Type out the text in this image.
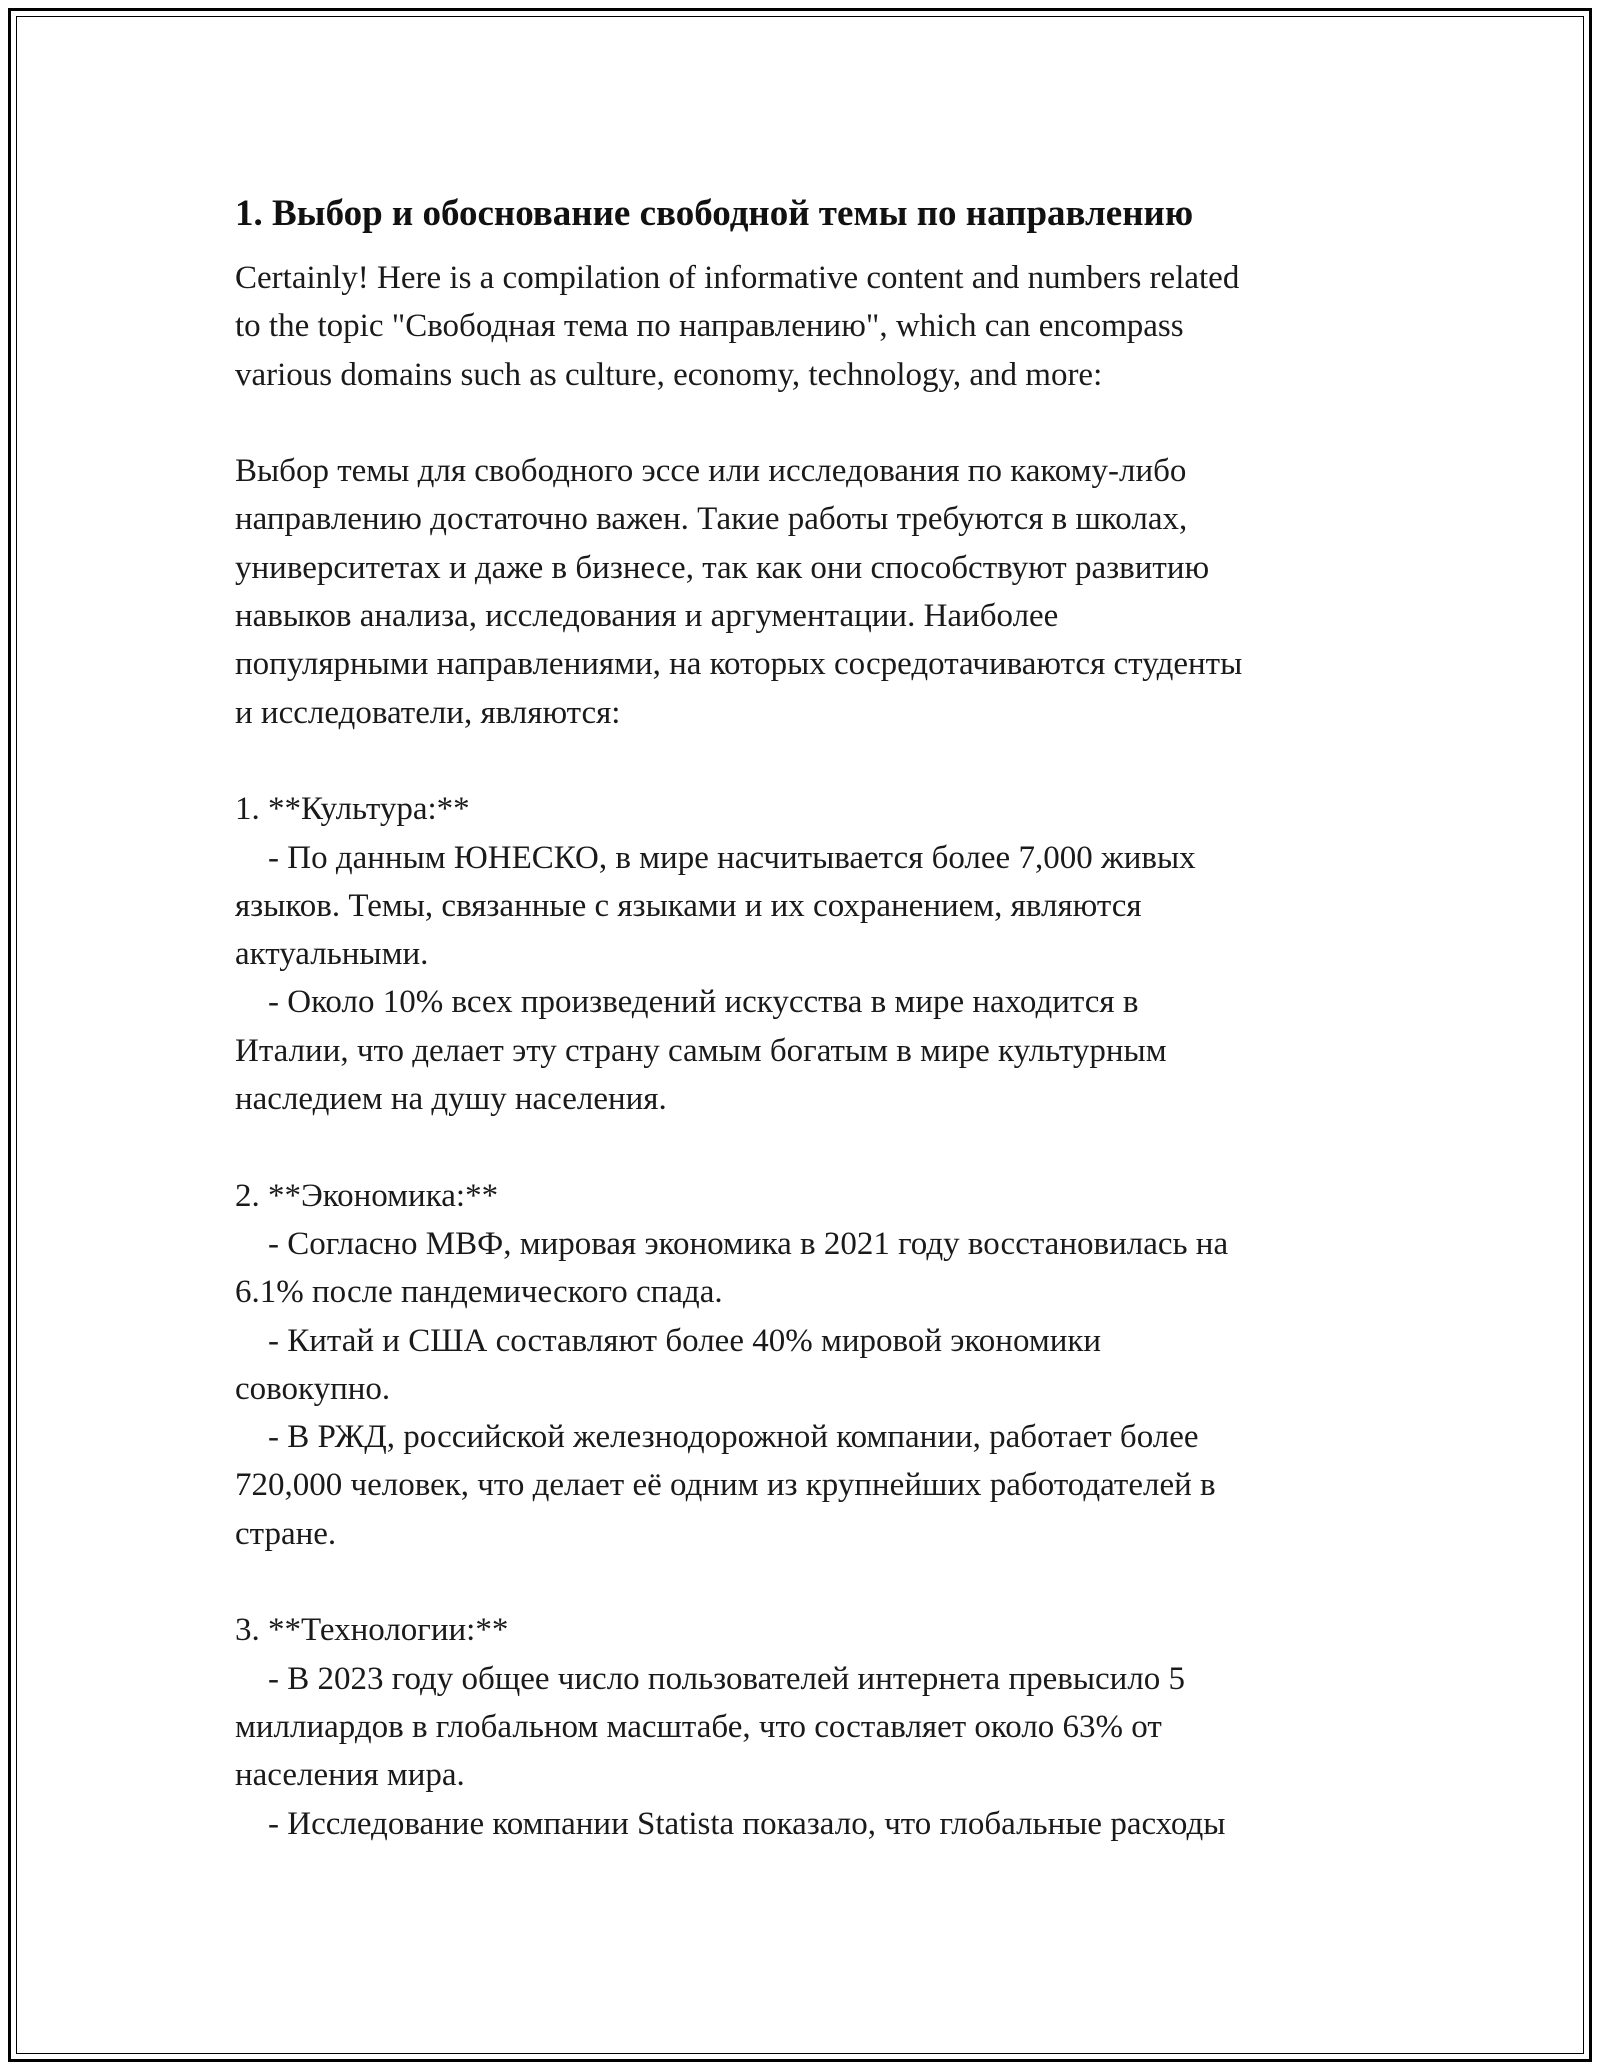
1. Выбор и обоснование свободной темы по направлению
Certainly! Here is a compilation of informative content and numbers related
to the topic "Свободная тема по направлению", which can encompass
various domains such as culture, economy, technology, and more:
Выбор темы для свободного эссе или исследования по какому-либо
направлению достаточно важен. Такие работы требуются в школах,
университетах и даже в бизнесе, так как они способствуют развитию
навыков анализа, исследования и аргументации. Наиболее
популярными направлениями, на которых сосредотачиваются студенты
и исследователи, являются:
1. **Культура:**
- По данным ЮНЕСКО, в мире насчитывается более 7,000 живых
языков. Темы, связанные с языками и их сохранением, являются
актуальными.
- Около 10% всех произведений искусства в мире находится в
Италии, что делает эту страну самым богатым в мире культурным
наследием на душу населения.
2. **Экономика:**
- Согласно МВФ, мировая экономика в 2021 году восстановилась на
6.1% после пандемического спада.
- Китай и США составляют более 40% мировой экономики
совокупно.
- В РЖД, российской железнодорожной компании, работает более
720,000 человек, что делает её одним из крупнейших работодателей в
стране.
3. **Технологии:**
- В 2023 году общее число пользователей интернета превысило 5
миллиардов в глобальном масштабе, что составляет около 63% от
населения мира.
- Исследование компании Statista показало, что глобальные расходы
